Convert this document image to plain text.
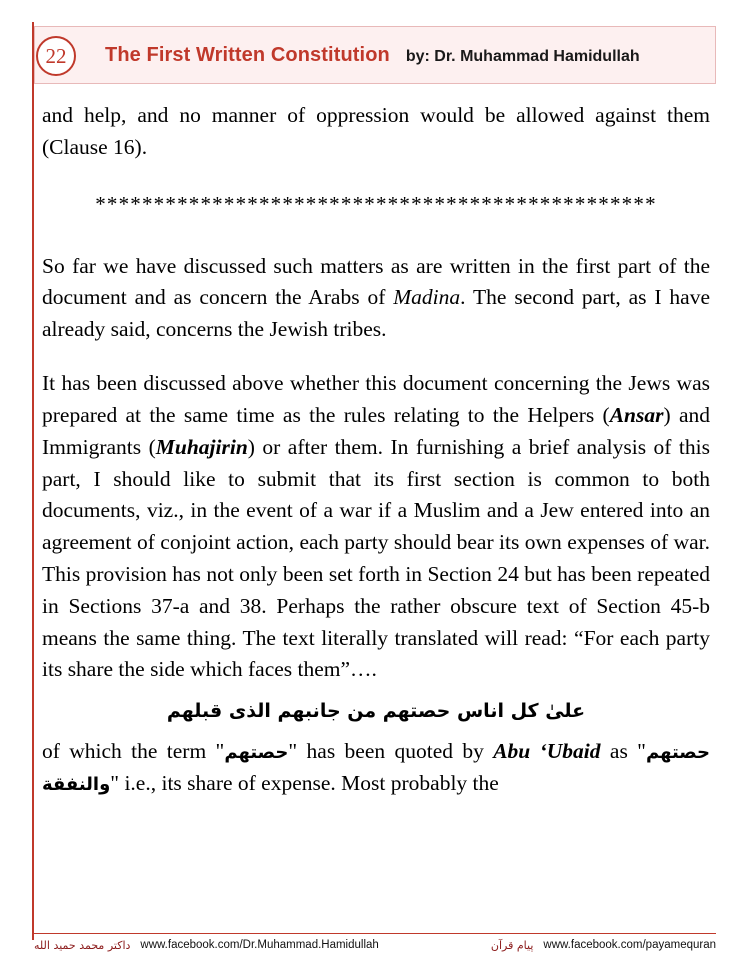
The First Written Constitution by: Dr. Muhammad Hamidullah
22

and help, and no manner of oppression would be allowed against them (Clause 16).

************************************************

So far we have discussed such matters as are written in the first part of the document and as concern the Arabs of Madina. The second part, as I have already said, concerns the Jewish tribes.

It has been discussed above whether this document concerning the Jews was prepared at the same time as the rules relating to the Helpers (Ansar) and Immigrants (Muhajirin) or after them. In furnishing a brief analysis of this part, I should like to submit that its first section is common to both documents, viz., in the event of a war if a Muslim and a Jew entered into an agreement of conjoint action, each party should bear its own expenses of war. This provision has not only been set forth in Section 24 but has been repeated in Sections 37-a and 38. Perhaps the rather obscure text of Section 45-b means the same thing. The text literally translated will read: “For each party its share the side which faces them”….

علىٰ كل اناس حصتهم من جانبهم الذى قبلهم

of which the term "حصتهم" has been quoted by Abu ‘Ubaid as "حصتهم والنفقة" i.e., its share of expense. Most probably the

داكتر محمد حميد الله www.facebook.com/Dr.Muhammad.Hamidullah	پیام قرآن www.facebook.com/payamequran
